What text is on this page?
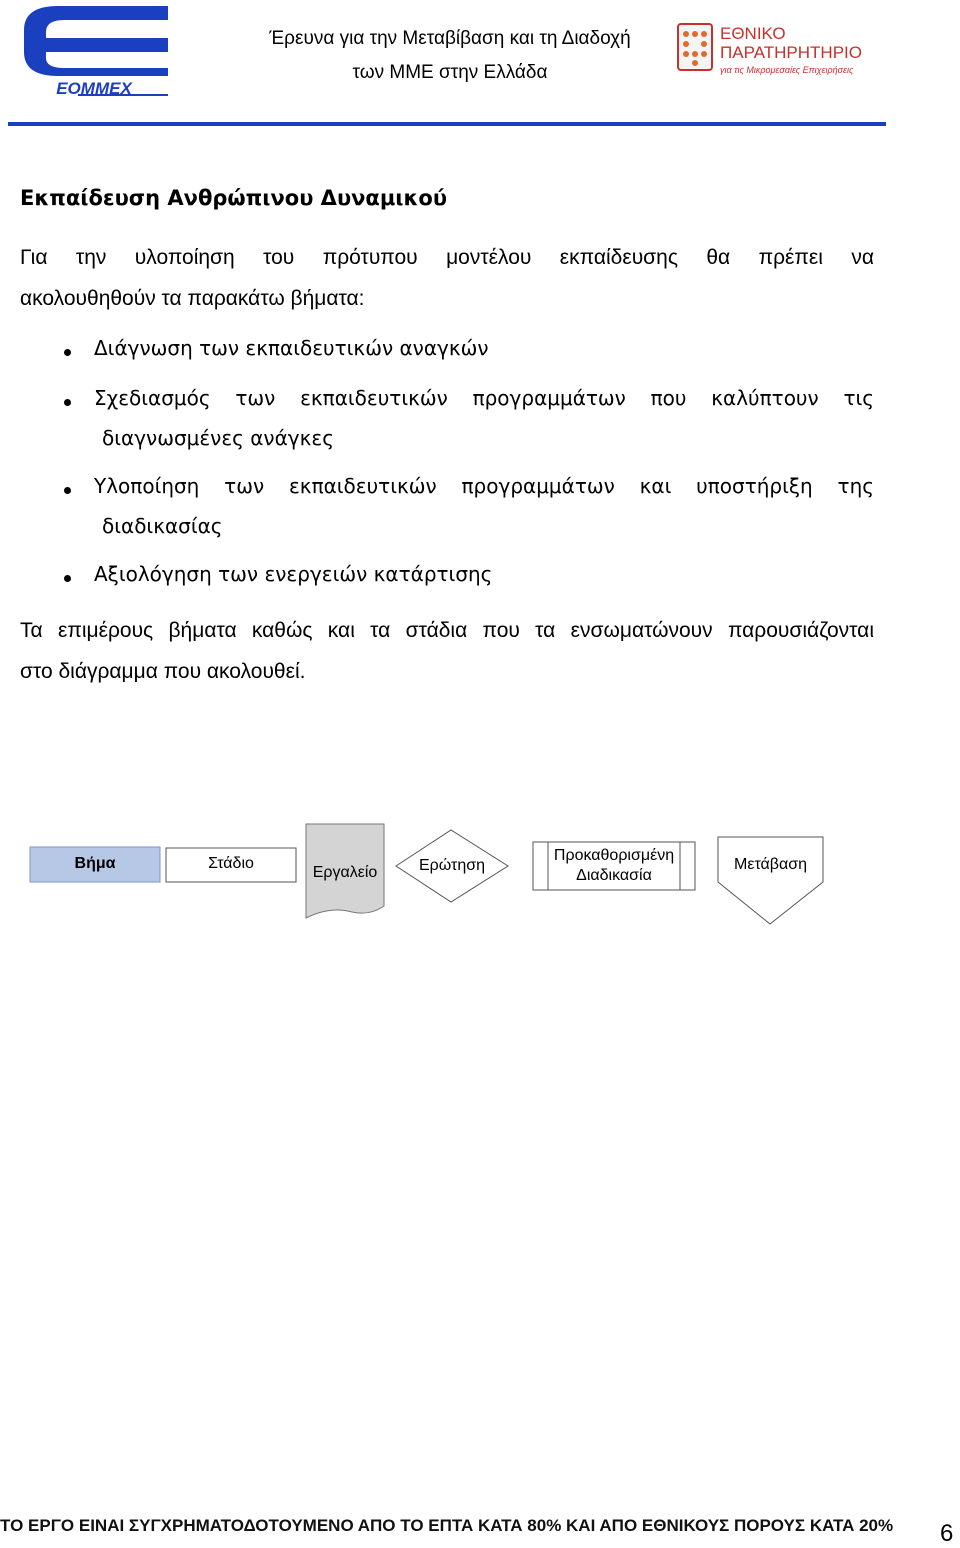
EOMMEX
Έρευνα για την Μεταβίβαση και τη Διαδοχή
των ΜΜΕ στην Ελλάδα
ΕΘΝΙΚΟ
ΠΑΡΑΤΗΡΗΤΗΡΙΟ
για τις Μικρομεσαίες Επιχειρήσεις
Εκπαίδευση Ανθρώπινου Δυναμικού
Για την υλοποίηση του πρότυπου μοντέλου εκπαίδευσης θα πρέπει να
ακολουθηθούν τα παρακάτω βήματα:
Διάγνωση των εκπαιδευτικών αναγκών
Σχεδιασμός των εκπαιδευτικών προγραμμάτων που καλύπτουν τις
διαγνωσμένες ανάγκες
Υλοποίηση των εκπαιδευτικών προγραμμάτων και υποστήριξη της
διαδικασίας
Αξιολόγηση των ενεργειών κατάρτισης
Τα επιμέρους βήματα καθώς και τα στάδια που τα ενσωματώνουν παρουσιάζονται
στο διάγραμμα που ακολουθεί.
Βήμα	Στάδιο
Εργαλείο	Ερώτηση
Προκαθορισμένη
Διαδικασία
Μετάβαση
ΤΟ ΕΡΓΟ ΕΙΝΑΙ ΣΥΓΧΡΗΜΑΤΟΔΟΤΟΥΜΕΝΟ ΑΠΟ ΤΟ ΕΠΤΑ ΚΑΤΑ 80% ΚΑΙ ΑΠΟ ΕΘΝΙΚΟΥΣ ΠΟΡΟΥΣ ΚΑΤΑ 20%	6
